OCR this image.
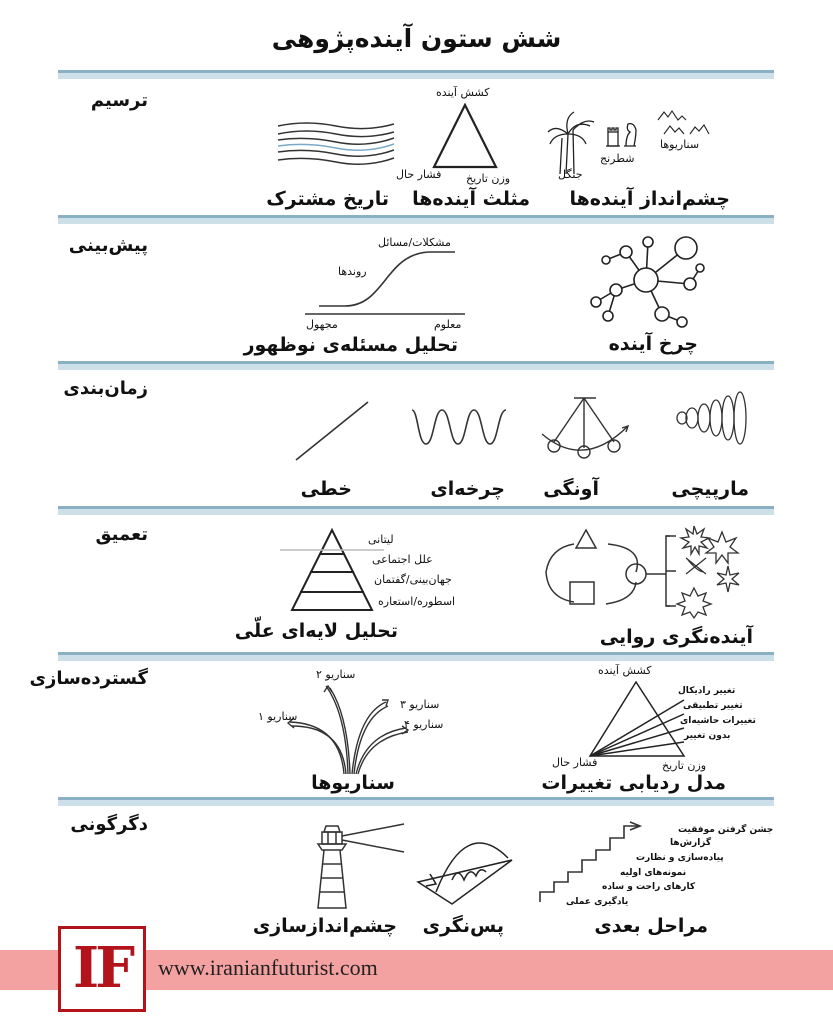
شش ستون آینده‌پژوهی
ترسیم
سناریوها
شطرنج
جنگل
چشم‌انداز آینده‌ها
کشش آینده
وزن تاریخ
فشار حال
مثلث آینده‌ها
تاریخ مشترک
پیش‌بینی
چرخ آینده
مشکلات/مسائل
روندها
معلوم
مجهول
تحلیل مسئله‌ی نوظهور
زمان‌بندی
مارپیچی
آونگی
چرخه‌ای
خطی
تعمیق
آینده‌نگری روایی
لیتانی
علل اجتماعی
جهان‌بینی/گفتمان
اسطوره/استعاره
تحلیل لایه‌ای علّی
گسترده‌سازی	کشش آینده
تغییر رادیکال
تغییر تطبیقی
تغییرات حاشیه‌ای
بدون تغییر
وزن تاریخ
فشار حال
مدل ردیابی تغییرات
سناریو ۱
سناریو ۲
سناریو ۳
سناریو ۴
سناریوها
دگرگونی	جشن گرفتن موفقیت
گزارش‌ها
پیاده‌سازی و نظارت
نمونه‌های اولیه
کارهای راحت و ساده
یادگیری عملی
مراحل بعدی
پس‌نگری
چشم‌اندازسازی
IF	www.iranianfuturist.com
